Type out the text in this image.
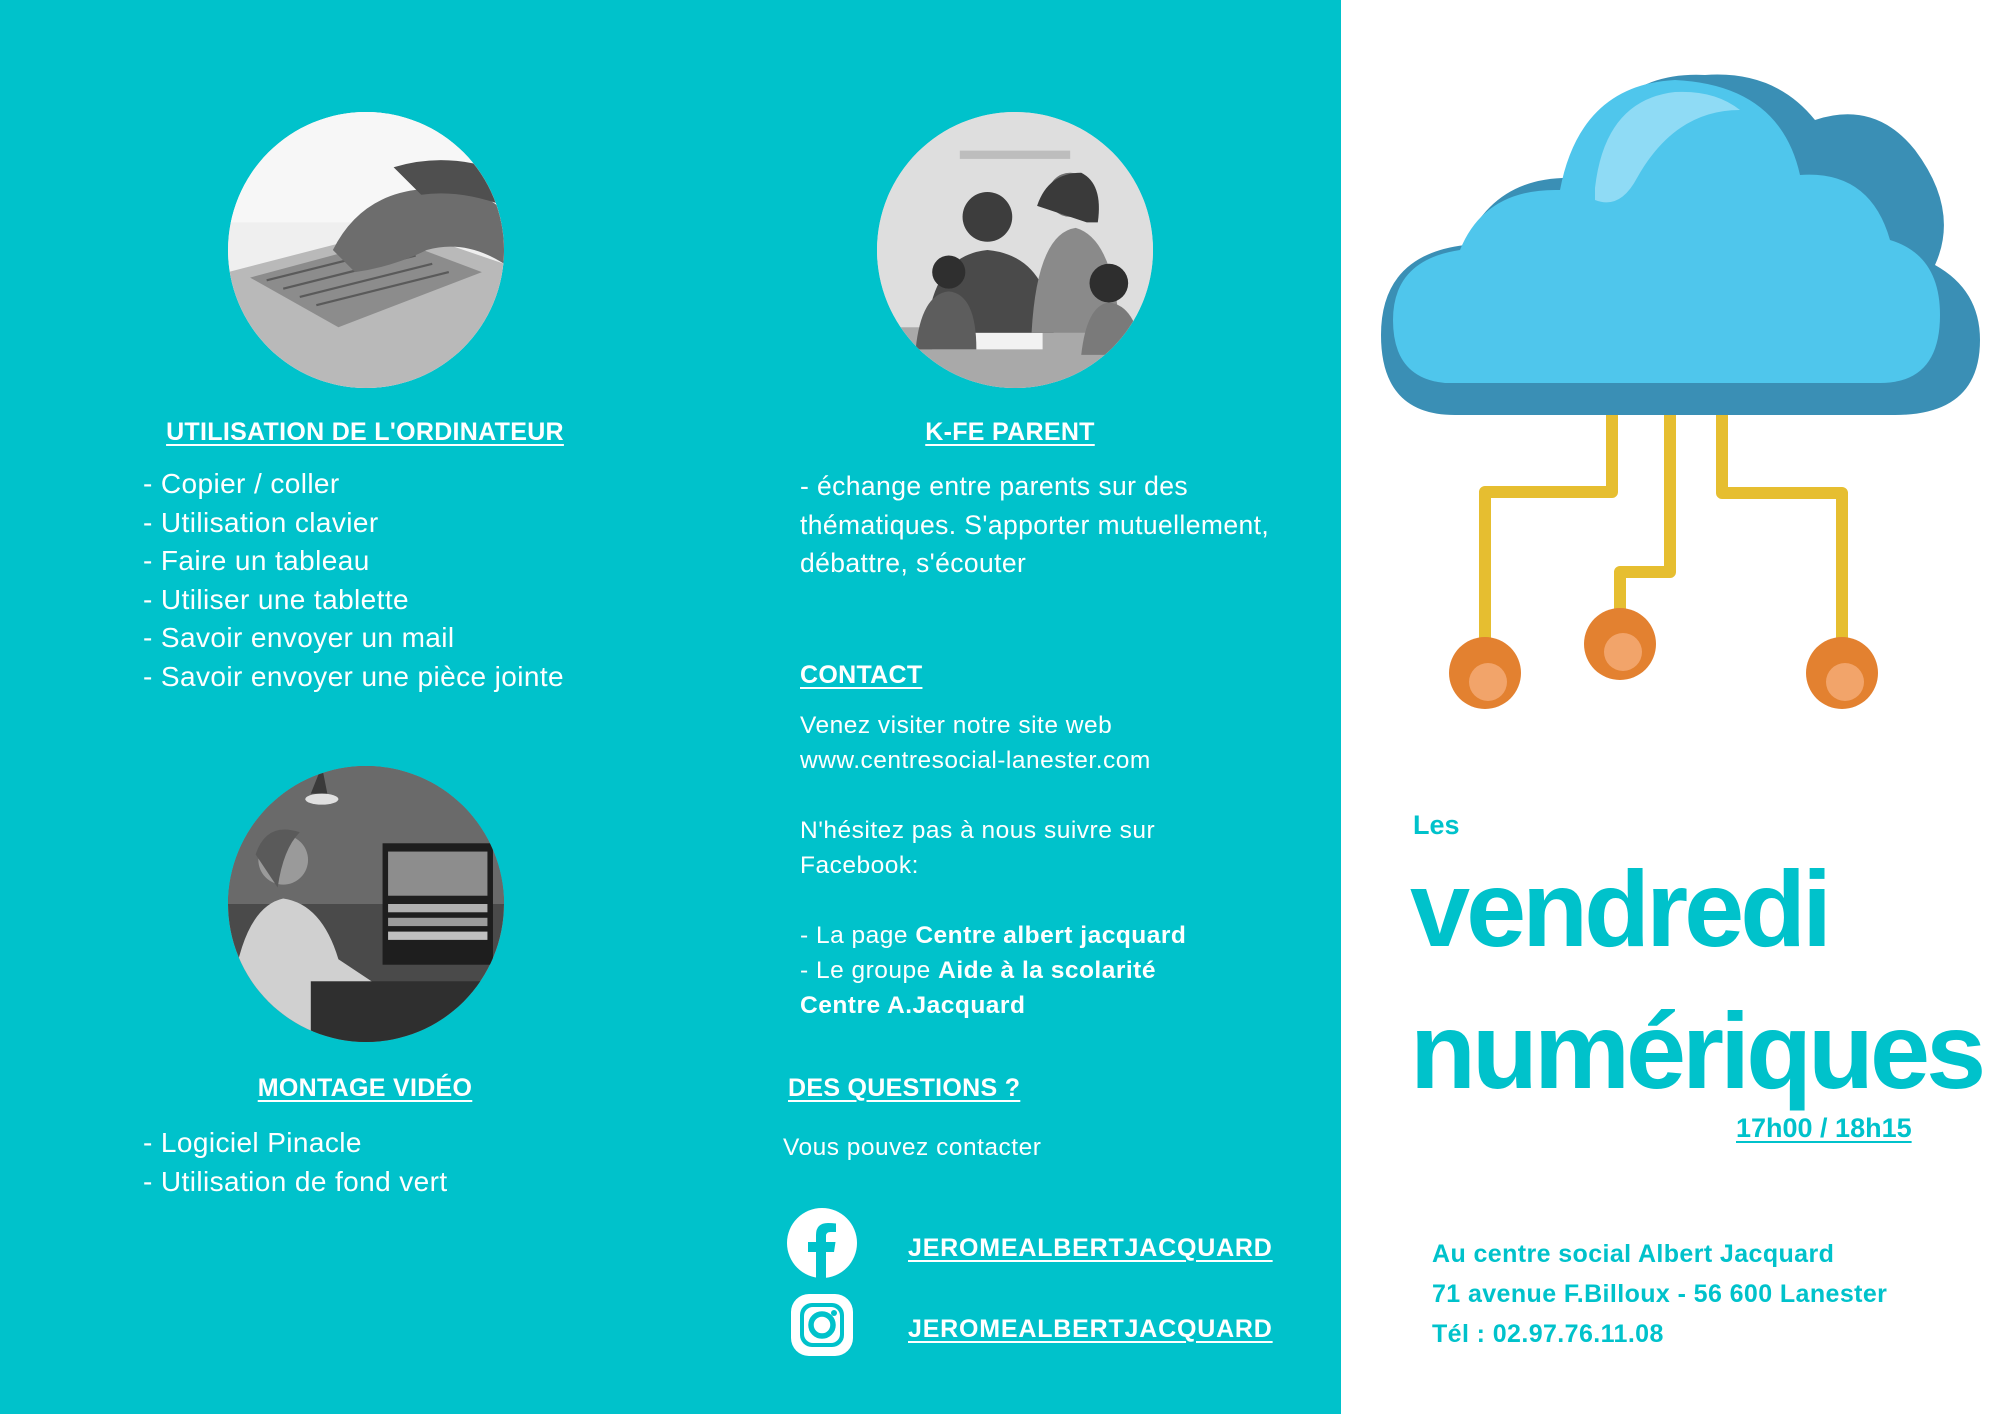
UTILISATION DE L'ORDINATEUR
- Copier / coller
- Utilisation clavier
- Faire un tableau
- Utiliser une tablette
- Savoir envoyer un mail
- Savoir envoyer une pièce jointe
MONTAGE VIDÉO
- Logiciel Pinacle
- Utilisation de fond vert
K-FE PARENT
- échange entre parents sur des thématiques. S'apporter mutuellement, débattre, s'écouter
CONTACT

Venez visiter notre site web

www.centresocial-lanester.com

N'hésitez pas à nous suivre sur

Facebook:

- La page Centre albert jacquard

- Le groupe Aide à la scolarité

Centre A.Jacquard

DES QUESTIONS ?
Vous pouvez contacter
JEROMEALBERTJACQUARD
JEROMEALBERTJACQUARD
Les
vendredi
numériques
17h00 / 18h15
Au centre social Albert Jacquard
71 avenue F.Billoux - 56 600 Lanester
Tél : 02.97.76.11.08
